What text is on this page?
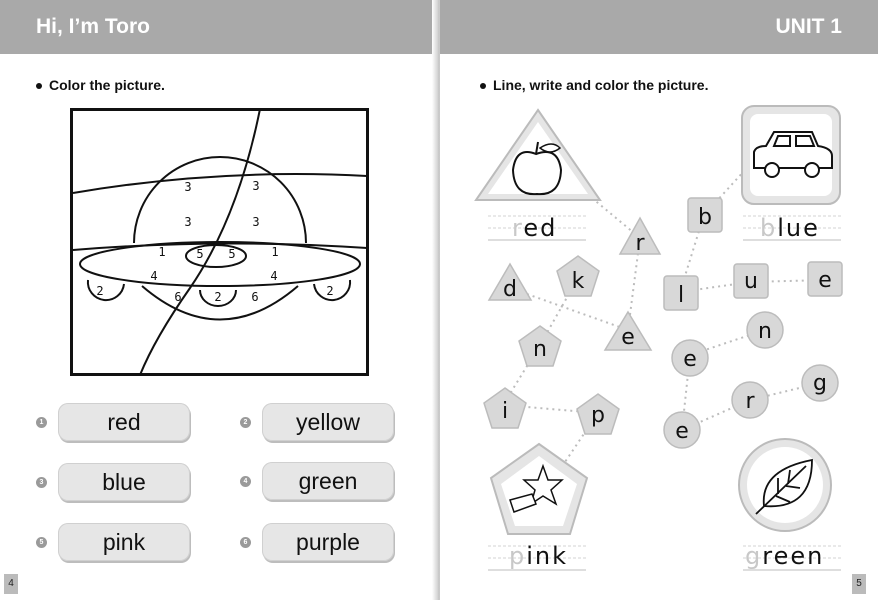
Hi, I’m Toro
Color the picture.
3	3
3	3
1	5 5	1
4	4
2	6	2 6	2
1	red	2	yellow
3	blue	4	green
5	pink	6	purple
4
UNIT 1
Line, write and color the picture.
red	blue
pink	green
r
b
d k
l
u	e
e	n
n	e
i	p
r
g
e
5
